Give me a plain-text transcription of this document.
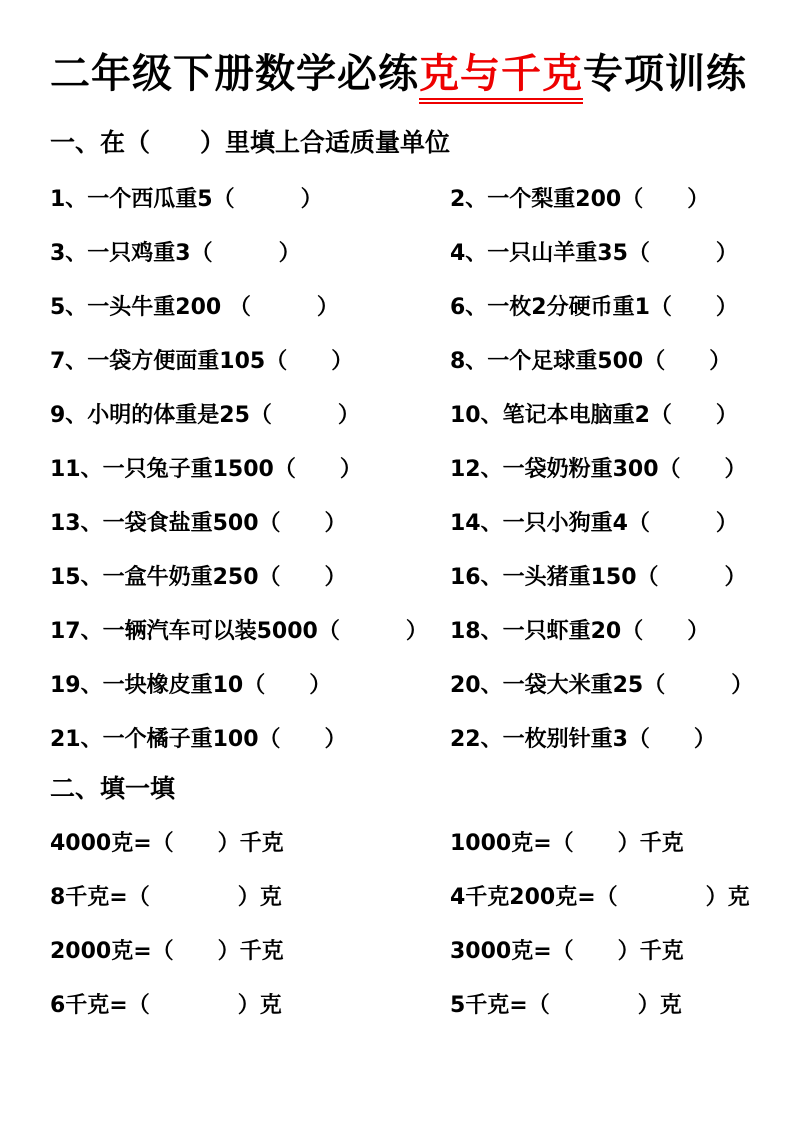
二年级下册数学必练克与千克专项训练
一、在（　　）里填上合适质量单位
1、一个西瓜重5（　　　）	2、一个梨重200（　　）
3、一只鸡重3（　　　）	4、一只山羊重35（　　　）
5、一头牛重200 （　　　）	6、一枚2分硬币重1（　　）
7、一袋方便面重105（　　）	8、一个足球重500（　　）
9、小明的体重是25（　　　）	10、笔记本电脑重2（　　）
11、一只兔子重1500（　　）	12、一袋奶粉重300（　　）
13、一袋食盐重500（　　）	14、一只小狗重4（　　　）
15、一盒牛奶重250（　　）	16、一头猪重150（　　　）
17、一辆汽车可以装5000（　　　）	18、一只虾重20（　　）
19、一块橡皮重10（　　）	20、一袋大米重25（　　　）
21、一个橘子重100（　　）	22、一枚别针重3（　　）
二、填一填
4000克=（　　）千克	1000克=（　　）千克
8千克=（　　　　）克	4千克200克=（　　　　）克
2000克=（　　）千克	3000克=（　　）千克
6千克=（　　　　）克	5千克=（　　　　）克
